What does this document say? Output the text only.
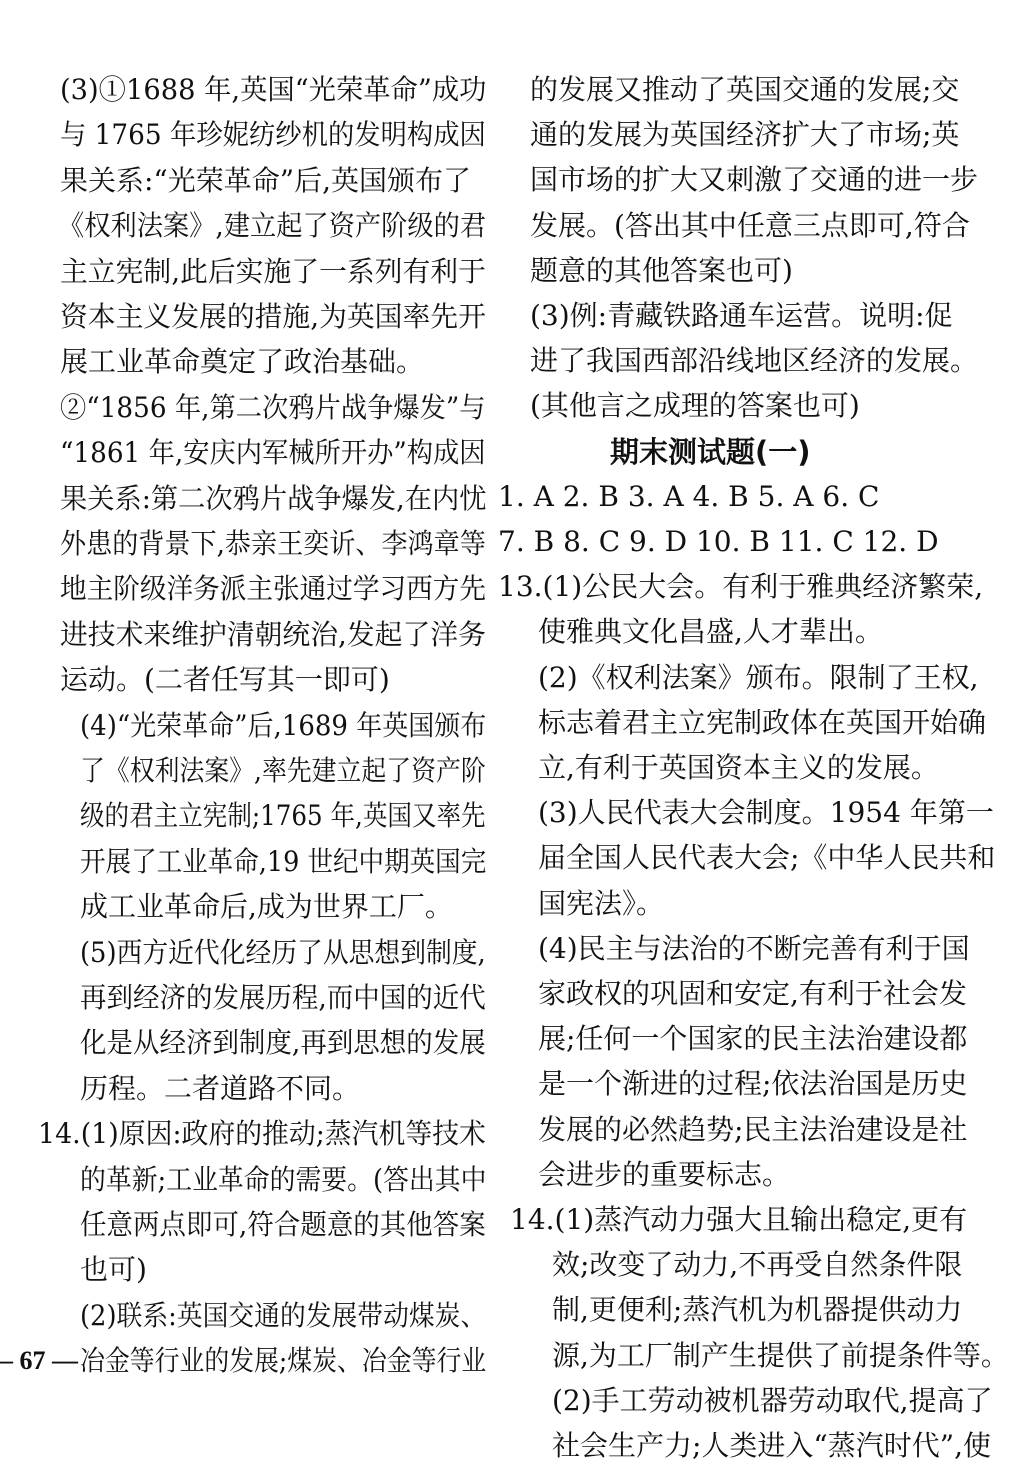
(3)①1688 年,英国“光荣革命”成功
与 1765 年珍妮纺纱机的发明构成因
果关系:“光荣革命”后,英国颁布了
《权利法案》,建立起了资产阶级的君
主立宪制,此后实施了一系列有利于
资本主义发展的措施,为英国率先开
展工业革命奠定了政治基础。
②“1856 年,第二次鸦片战争爆发”与
“1861 年,安庆内军械所开办”构成因
果关系:第二次鸦片战争爆发,在内忧
外患的背景下,恭亲王奕䜣、李鸿章等
地主阶级洋务派主张通过学习西方先
进技术来维护清朝统治,发起了洋务
运动。(二者任写其一即可)
(4)“光荣革命”后,1689 年英国颁布
了《权利法案》,率先建立起了资产阶
级的君主立宪制;1765 年,英国又率先
开展了工业革命,19 世纪中期英国完
成工业革命后,成为世界工厂。
(5)西方近代化经历了从思想到制度,
再到经济的发展历程,而中国的近代
化是从经济到制度,再到思想的发展
历程。二者道路不同。
14.(1)原因:政府的推动;蒸汽机等技术
的革新;工业革命的需要。(答出其中
任意两点即可,符合题意的其他答案
也可)
(2)联系:英国交通的发展带动煤炭、
冶金等行业的发展;煤炭、冶金等行业
的发展又推动了英国交通的发展;交
通的发展为英国经济扩大了市场;英
国市场的扩大又刺激了交通的进一步
发展。(答出其中任意三点即可,符合
题意的其他答案也可)
(3)例:青藏铁路通车运营。说明:促
进了我国西部沿线地区经济的发展。
(其他言之成理的答案也可)
期末测试题(一)
1. A 2. B 3. A 4. B 5. A 6. C
7. B 8. C 9. D 10. B 11. C 12. D
13.(1)公民大会。有利于雅典经济繁荣,
使雅典文化昌盛,人才辈出。
(2)《权利法案》颁布。限制了王权,
标志着君主立宪制政体在英国开始确
立,有利于英国资本主义的发展。
(3)人民代表大会制度。1954 年第一
届全国人民代表大会;《中华人民共和
国宪法》。
(4)民主与法治的不断完善有利于国
家政权的巩固和安定,有利于社会发
展;任何一个国家的民主法治建设都
是一个渐进的过程;依法治国是历史
发展的必然趋势;民主法治建设是社
会进步的重要标志。
14.(1)蒸汽动力强大且输出稳定,更有
效;改变了动力,不再受自然条件限
制,更便利;蒸汽机为机器提供动力
源,为工厂制产生提供了前提条件等。
(2)手工劳动被机器劳动取代,提高了
社会生产力;人类进入“蒸汽时代”,使
– 67 —
